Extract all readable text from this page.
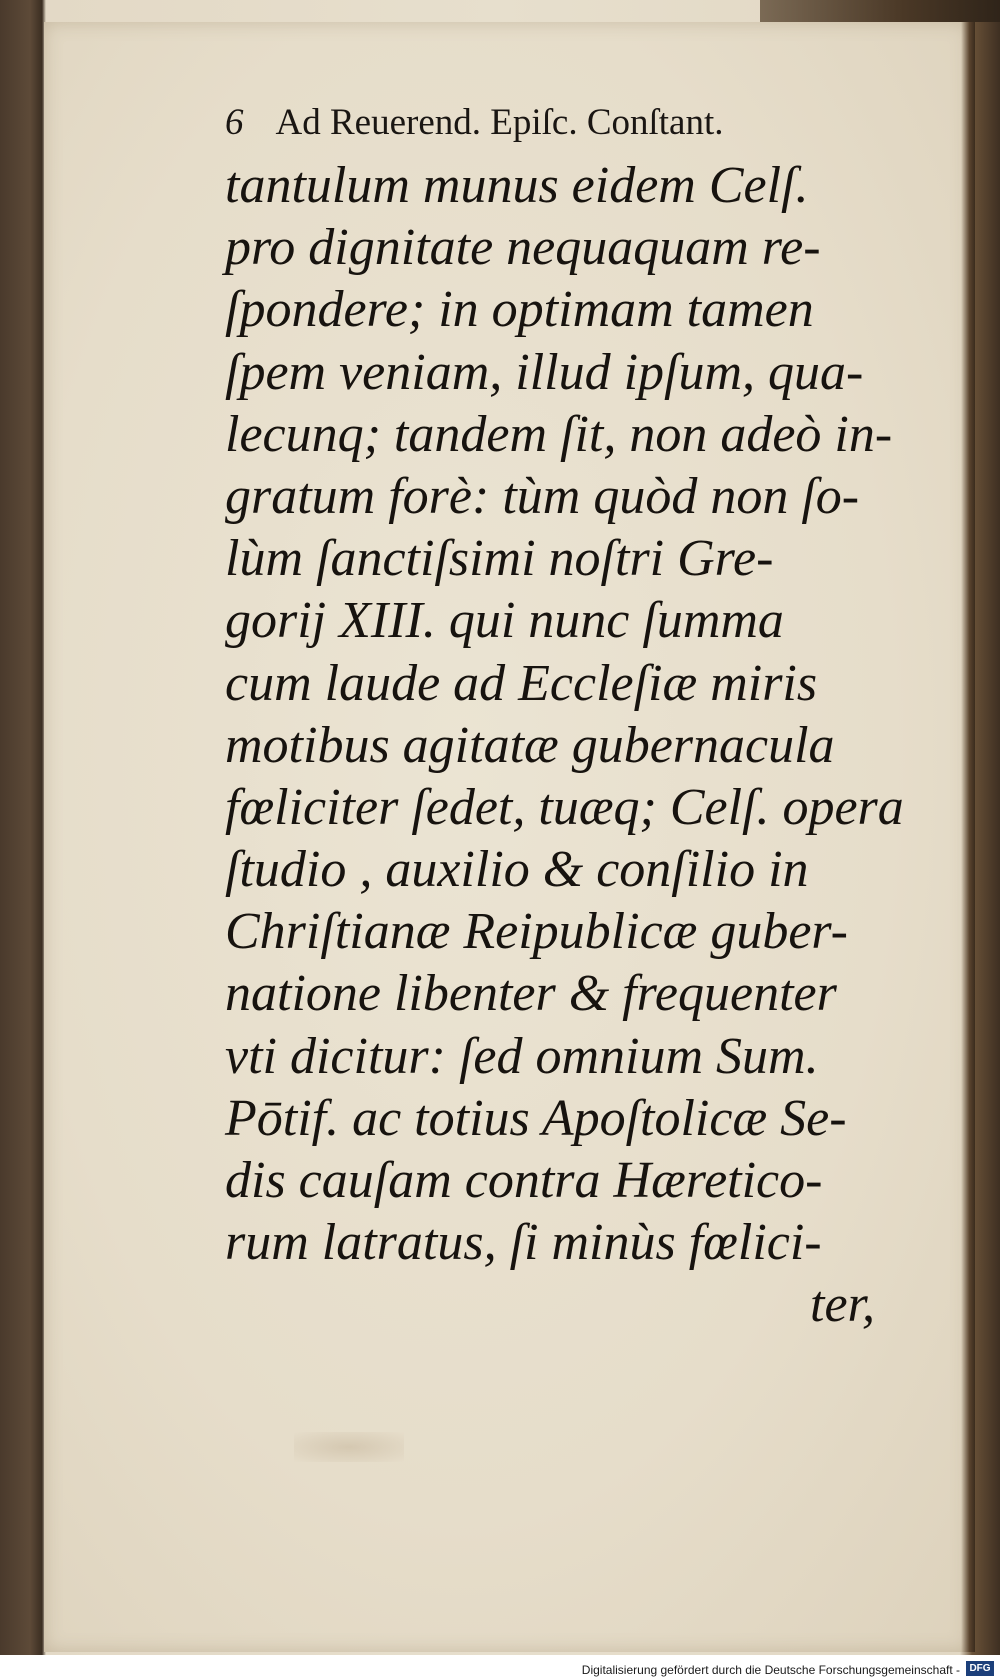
6 Ad Reuerend. Epiſc. Conſtant.
tantulum munus eidem Celſ.
pro dignitate nequaquam re-
ſpondere; in optimam tamen
ſpem veniam, illud ipſum, qua-
lecunq; tandem ſit, non adeò in-
gratum forè: tùm quòd non ſo-
lùm ſanctiſsimi noſtri Gre-
gorij XIII. qui nunc ſumma
cum laude ad Eccleſiæ miris
motibus agitatæ gubernacula
fœliciter ſedet, tuæq; Celſ. opera
ſtudio , auxilio & conſilio in
Chriſtianæ Reipublicæ guber-
natione libenter & frequenter
vti dicitur: ſed omnium Sum.
Pōtif. ac totius Apoſtolicæ Se-
dis cauſam contra Hæretico-
rum latratus, ſi minùs fœlici-
ter,
Digitalisierung gefördert durch die Deutsche Forschungsgemeinschaft - DFG
